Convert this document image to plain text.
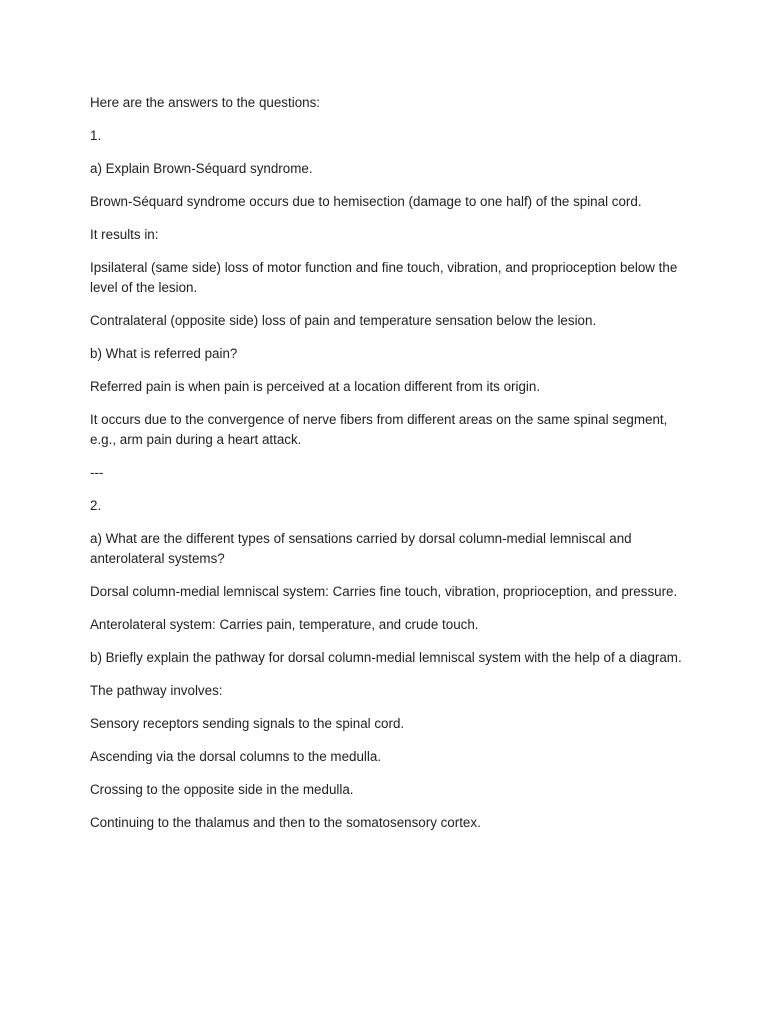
Here are the answers to the questions:

1.

a) Explain Brown-Séquard syndrome.

Brown-Séquard syndrome occurs due to hemisection (damage to one half) of the spinal cord.

It results in:

Ipsilateral (same side) loss of motor function and fine touch, vibration, and proprioception below the level of the lesion.

Contralateral (opposite side) loss of pain and temperature sensation below the lesion.

b) What is referred pain?

Referred pain is when pain is perceived at a location different from its origin.

It occurs due to the convergence of nerve fibers from different areas on the same spinal segment, e.g., arm pain during a heart attack.

---

2.

a) What are the different types of sensations carried by dorsal column-medial lemniscal and anterolateral systems?

Dorsal column-medial lemniscal system: Carries fine touch, vibration, proprioception, and pressure.

Anterolateral system: Carries pain, temperature, and crude touch.

b) Briefly explain the pathway for dorsal column-medial lemniscal system with the help of a diagram.

The pathway involves:

Sensory receptors sending signals to the spinal cord.

Ascending via the dorsal columns to the medulla.

Crossing to the opposite side in the medulla.

Continuing to the thalamus and then to the somatosensory cortex.
